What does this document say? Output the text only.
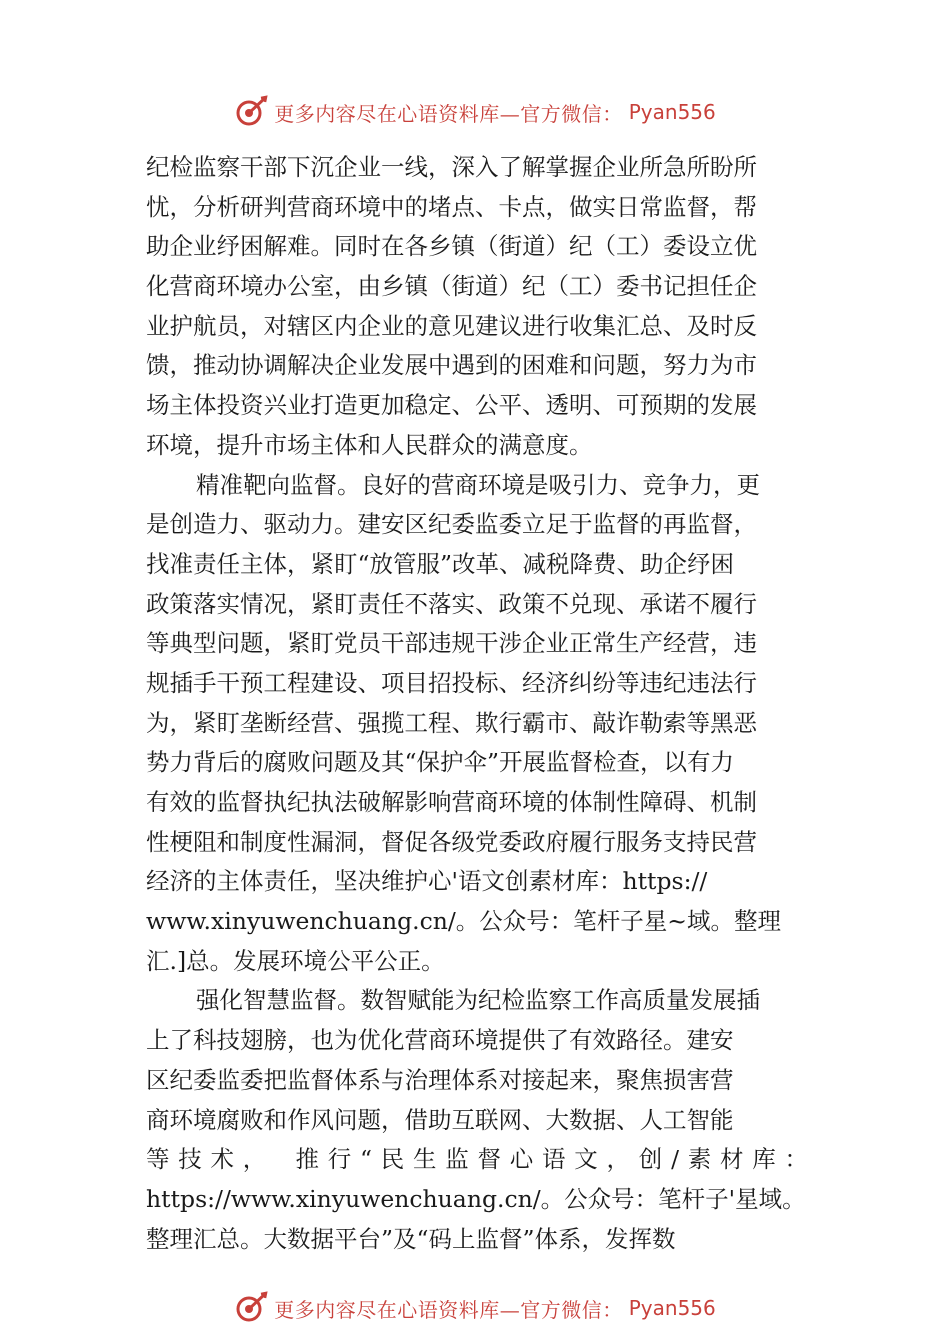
更多内容尽在心语资料库—官方微信： Pyan556
纪检监察干部下沉企业一线，深入了解掌握企业所急所盼所
忧，分析研判营商环境中的堵点、卡点，做实日常监督，帮
助企业纾困解难。同时在各乡镇（街道）纪（工）委设立优
化营商环境办公室，由乡镇（街道）纪（工）委书记担任企
业护航员，对辖区内企业的意见建议进行收集汇总、及时反
馈，推动协调解决企业发展中遇到的困难和问题，努力为市
场主体投资兴业打造更加稳定、公平、透明、可预期的发展
环境，提升市场主体和人民群众的满意度。
精准靶向监督。良好的营商环境是吸引力、竞争力，更
是创造力、驱动力。建安区纪委监委立足于监督的再监督，
找准责任主体，紧盯“放管服”改革、减税降费、助企纾困
政策落实情况，紧盯责任不落实、政策不兑现、承诺不履行
等典型问题，紧盯党员干部违规干涉企业正常生产经营，违
规插手干预工程建设、项目招投标、经济纠纷等违纪违法行
为，紧盯垄断经营、强揽工程、欺行霸市、敲诈勒索等黑恶
势力背后的腐败问题及其“保护伞”开展监督检查，以有力
有效的监督执纪执法破解影响营商环境的体制性障碍、机制
性梗阻和制度性漏洞，督促各级党委政府履行服务支持民营
经济的主体责任，坚决维护心'语文创素材库：https://
www.xinyuwenchuang.cn/。公众号：笔杆子星~域。整理
汇.]总。发展环境公平公正。
强化智慧监督。数智赋能为纪检监察工作高质量发展插
上了科技翅膀，也为优化营商环境提供了有效路径。建安
区纪委监委把监督体系与治理体系对接起来，聚焦损害营
商环境腐败和作风问题，借助互联网、大数据、人工智能
等技术，　推行“民生监督心语文，创/素材库：
https://www.xinyuwenchuang.cn/。公众号：笔杆子'星域。
整理汇总。大数据平台”及“码上监督”体系，发挥数
更多内容尽在心语资料库—官方微信： Pyan556
